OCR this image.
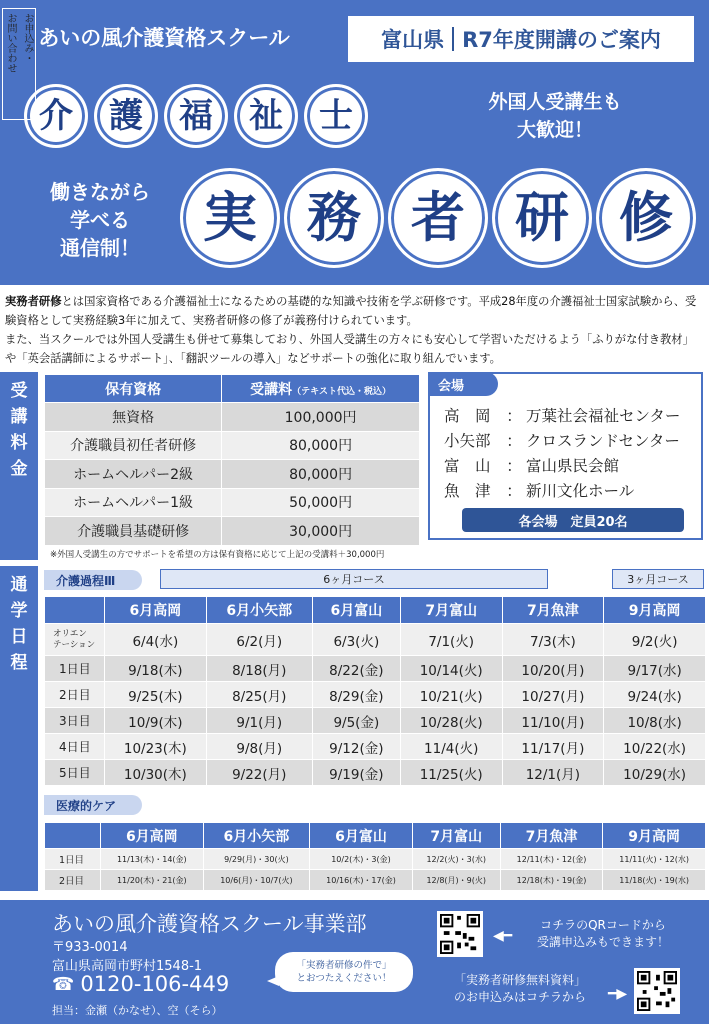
あいの風介護資格スクール	富山県 R7年度開講のご案内
介 護 福 祉 士	外国人受講生も
大歓迎！
働きながら
学べる
通信制！	実 務 者 研 修

実務者研修とは国家資格である介護福祉士になるための基礎的な知識や技術を学ぶ研修です。平成28年度の介護福祉士国家試験から、受験資格として実務経験3年に加えて、実務者研修の修了が義務付けられています。

また、当スクールでは外国人受講生も併せて募集しており、外国人受講生の方々にも安心して学習いただけるよう「ふりがな付き教材」や「英会話講師によるサポート」、「翻訳ツールの導入」などサポートの強化に取り組んでいます。

受
講
料
金
保有資格	受講料（テキスト代込・税込）
無資格	100,000円
介護職員初任者研修	80,000円
ホームヘルパー2級	80,000円
ホームヘルパー1級	50,000円
介護職員基礎研修	30,000円
※外国人受講生の方でサポートを希望の方は保有資格に応じて上記の受講料＋30,000円
会場
高　岡	： 万葉社会福祉センター
小矢部	： クロスランドセンター
富　山	： 富山県民会館
魚　津	： 新川文化ホール
各会場　定員20名
通
学
日
程
介護過程Ⅲ	6ヶ月コース	3ヶ月コース
	6月高岡	6月小矢部	6月富山	7月富山	7月魚津	9月高岡
オリエン
テーション	6/4(水)	6/2(月)	6/3(火)	7/1(火)	7/3(木)	9/2(火)
1日目	9/18(木)	8/18(月)	8/22(金)	10/14(火)	10/20(月)	9/17(水)
2日目	9/25(木)	8/25(月)	8/29(金)	10/21(火)	10/27(月)	9/24(水)
3日目	10/9(木)	9/1(月)	9/5(金)	10/28(火)	11/10(月)	10/8(水)
4日目	10/23(木)	9/8(月)	9/12(金)	11/4(火)	11/17(月)	10/22(水)
5日目	10/30(木)	9/22(月)	9/19(金)	11/25(火)	12/1(月)	10/29(水)
医療的ケア
	6月高岡	6月小矢部	6月富山	7月富山	7月魚津	9月高岡
1日目	11/13(木)・14(金)	9/29(月)・30(火)	10/2(木)・3(金)	12/2(火)・3(水)	12/11(木)・12(金)	11/11(火)・12(水)
2日目	11/20(木)・21(金)	10/6(月)・10/7(火)	10/16(木)・17(金)	12/8(月)・9(火)	12/18(木)・19(金)	11/18(火)・19(水)
お申込み・
お問い合わせ
あいの風介護資格スクール事業部
〒933-0014
富山県高岡市野村1548-1
☎ 0120-106-449
担当：金瀬（かなせ）、空（そら）
「実務者研修の件で」
とおつたえください！
◀━
コチラのQRコードから
受講申込みもできます！
「実務者研修無料資料」
のお申込みはコチラから	━▶
